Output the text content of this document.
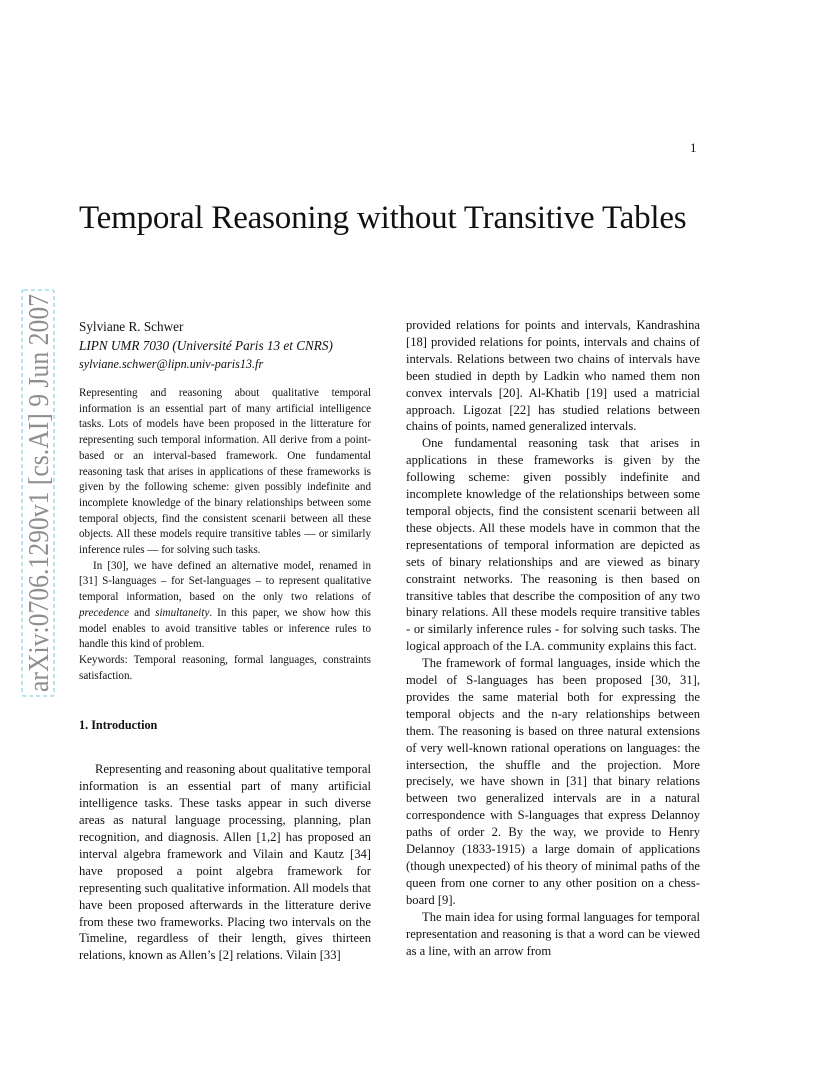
1
arXiv:0706.1290v1 [cs.AI] 9 Jun 2007
Temporal Reasoning without Transitive Tables

Sylviane R. Schwer

LIPN UMR 7030 (Université Paris 13 et CNRS)

sylviane.schwer@lipn.univ-paris13.fr

Representing and reasoning about qualitative temporal information is an essential part of many artificial intelligence tasks. Lots of models have been proposed in the litterature for representing such temporal information. All derive from a point-based or an interval-based framework. One fundamental reasoning task that arises in applications of these frameworks is given by the following scheme: given possibly indefinite and incomplete knowledge of the binary relationships between some temporal objects, find the consistent scenarii between all these objects. All these models require transitive tables — or similarly inference rules — for solving such tasks.

In [30], we have defined an alternative model, renamed in [31] S-languages – for Set-languages – to represent qualitative temporal information, based on the only two relations of precedence and simultaneity. In this paper, we show how this model enables to avoid transitive tables or inference rules to handle this kind of problem.

Keywords: Temporal reasoning, formal languages, constraints satisfaction.

1. Introduction

Representing and reasoning about qualitative temporal information is an essential part of many artificial intelligence tasks. These tasks appear in such diverse areas as natural language processing, planning, plan recognition, and diagnosis. Allen [1,2] has proposed an interval algebra framework and Vilain and Kautz [34] have proposed a point algebra framework for representing such qualitative information. All models that have been proposed afterwards in the litterature derive from these two frameworks. Placing two intervals on the Timeline, regardless of their length, gives thirteen relations, known as Allen’s [2] relations. Vilain [33]

provided relations for points and intervals, Kandrashina [18] provided relations for points, intervals and chains of intervals. Relations between two chains of intervals have been studied in depth by Ladkin who named them non convex intervals [20]. Al-Khatib [19] used a matricial approach. Ligozat [22] has studied relations between chains of points, named generalized intervals.

One fundamental reasoning task that arises in applications in these frameworks is given by the following scheme: given possibly indefinite and incomplete knowledge of the relationships between some temporal objects, find the consistent scenarii between all these objects. All these models have in common that the representations of temporal information are depicted as sets of binary relationships and are viewed as binary constraint networks. The reasoning is then based on transitive tables that describe the composition of any two binary relations. All these models require transitive tables - or similarly inference rules - for solving such tasks. The logical approach of the I.A. community explains this fact.

The framework of formal languages, inside which the model of S-languages has been proposed [30, 31], provides the same material both for expressing the temporal objects and the n-ary relationships between them. The reasoning is based on three natural extensions of very well-known rational operations on languages: the intersection, the shuffle and the projection. More precisely, we have shown in [31] that binary relations between two generalized intervals are in a natural correspondence with S-languages that express Delannoy paths of order 2. By the way, we provide to Henry Delannoy (1833-1915) a large domain of applications (though unexpected) of his theory of minimal paths of the queen from one corner to any other position on a chess-board [9].

The main idea for using formal languages for temporal representation and reasoning is that a word can be viewed as a line, with an arrow from
